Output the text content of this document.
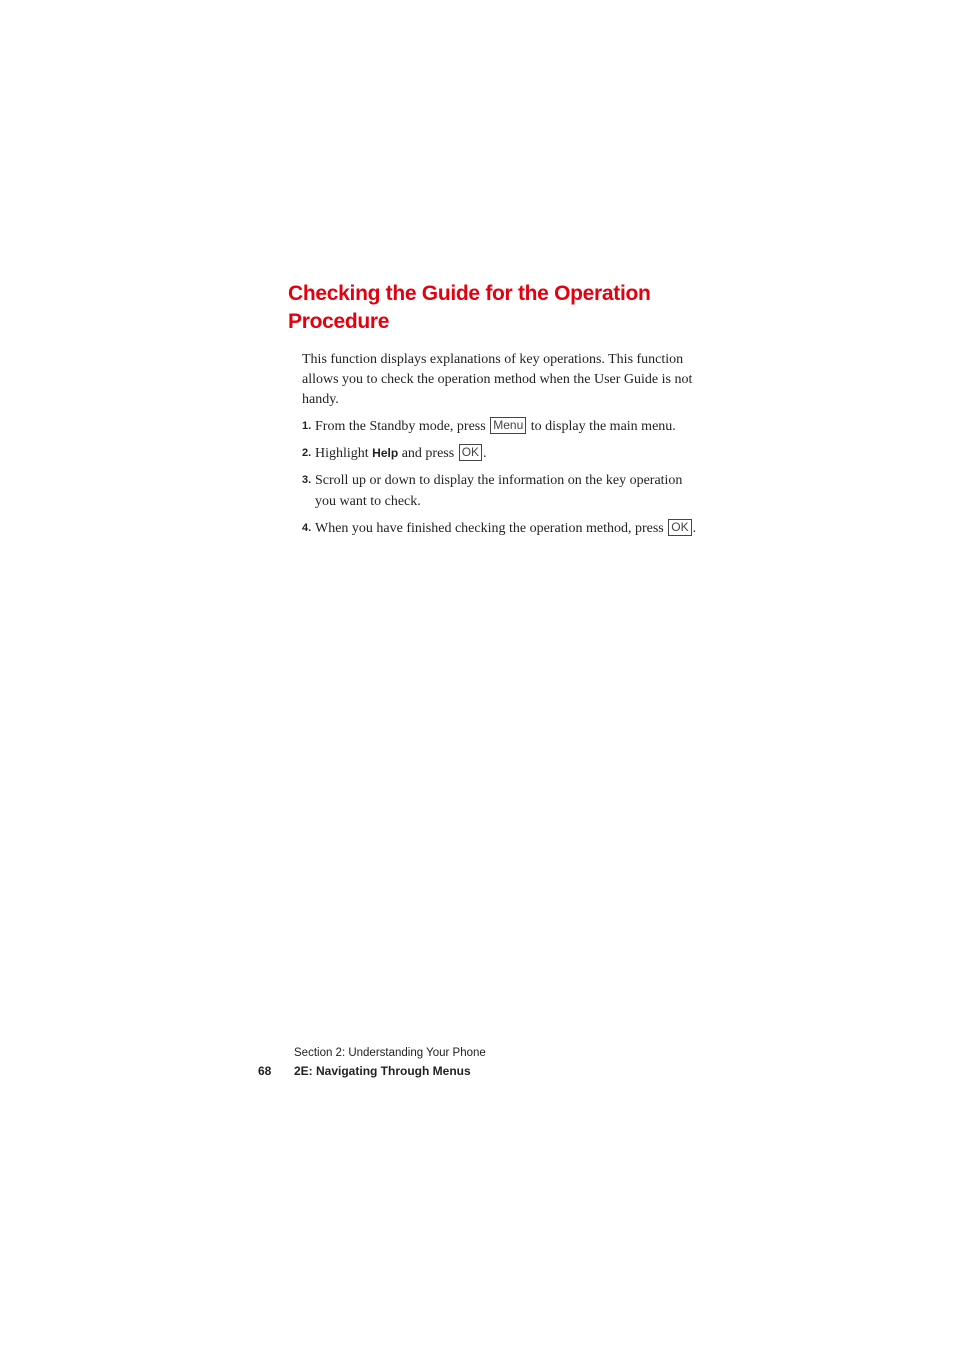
Checking the Guide for the Operation Procedure

This function displays explanations of key operations. This function allows you to check the operation method when the User Guide is not handy.

1. From the Standby mode, press Menu to display the main menu.
2. Highlight Help and press OK .
3. Scroll up or down to display the information on the key operation you want to check.
4. When you have finished checking the operation method, press OK .

Section 2: Understanding Your Phone

68 2E: Navigating Through Menus
